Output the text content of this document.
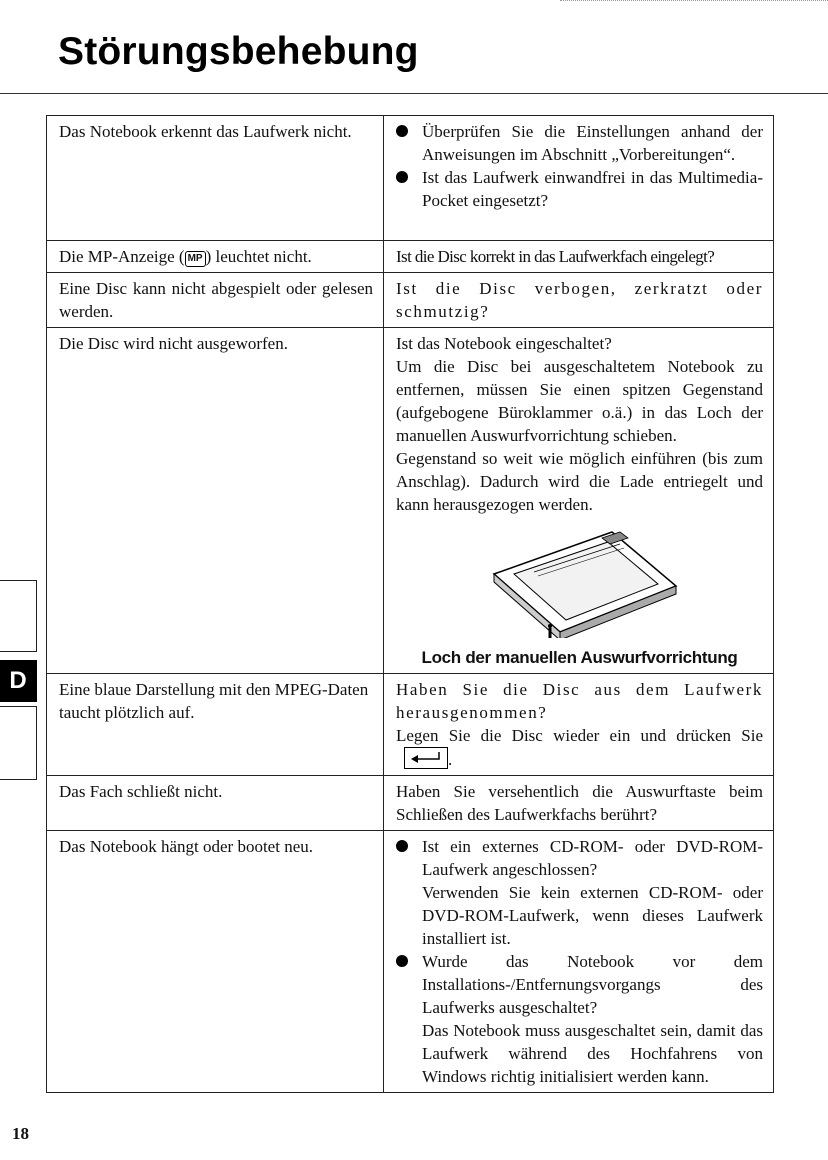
Störungsbehebung
Das Notebook erkennt das Laufwerk nicht.	Überprüfen Sie die Einstellungen anhand der Anweisungen im Abschnitt „Vorbereitungen“.
Ist das Laufwerk einwandfrei in das Multimedia-Pocket eingesetzt?

Die MP-Anzeige ( MP ) leuchtet nicht.	Ist die Disc korrekt in das Laufwerkfach eingelegt?
Eine Disc kann nicht abgespielt oder gelesen werden.	Ist die Disc verbogen, zerkratzt oder schmutzig?
Die Disc wird nicht ausgeworfen.	Ist das Notebook eingeschaltet?
Um die Disc bei ausgeschaltetem Notebook zu entfernen, müssen Sie einen spitzen Gegenstand (aufgebogene Büroklammer o.ä.) in das Loch der manuellen Auswurfvorrichtung schieben.
Gegenstand so weit wie möglich einführen (bis zum Anschlag). Dadurch wird die Lade entriegelt und kann herausgezogen werden.
Loch der manuellen Auswurfvorrichtung

Eine blaue Darstellung mit den MPEG-Daten taucht plötzlich auf.	Haben Sie die Disc aus dem Laufwerk herausgenommen?
Legen Sie die Disc wieder ein und drücken Sie
.

Das Fach schließt nicht.	Haben Sie versehentlich die Auswurftaste beim Schließen des Laufwerkfachs berührt?
Das Notebook hängt oder bootet neu.	Ist ein externes CD-ROM- oder DVD-ROM-Laufwerk angeschlossen?
Verwenden Sie kein externen CD-ROM- oder DVD-ROM-Laufwerk, wenn dieses Laufwerk installiert ist.
Wurde das Notebook vor dem Installations-/Entfernungsvorgangs des Laufwerks ausgeschaltet?
Das Notebook muss ausgeschaltet sein, damit das Laufwerk während des Hochfahrens von Windows richtig initialisiert werden kann.
D
18
